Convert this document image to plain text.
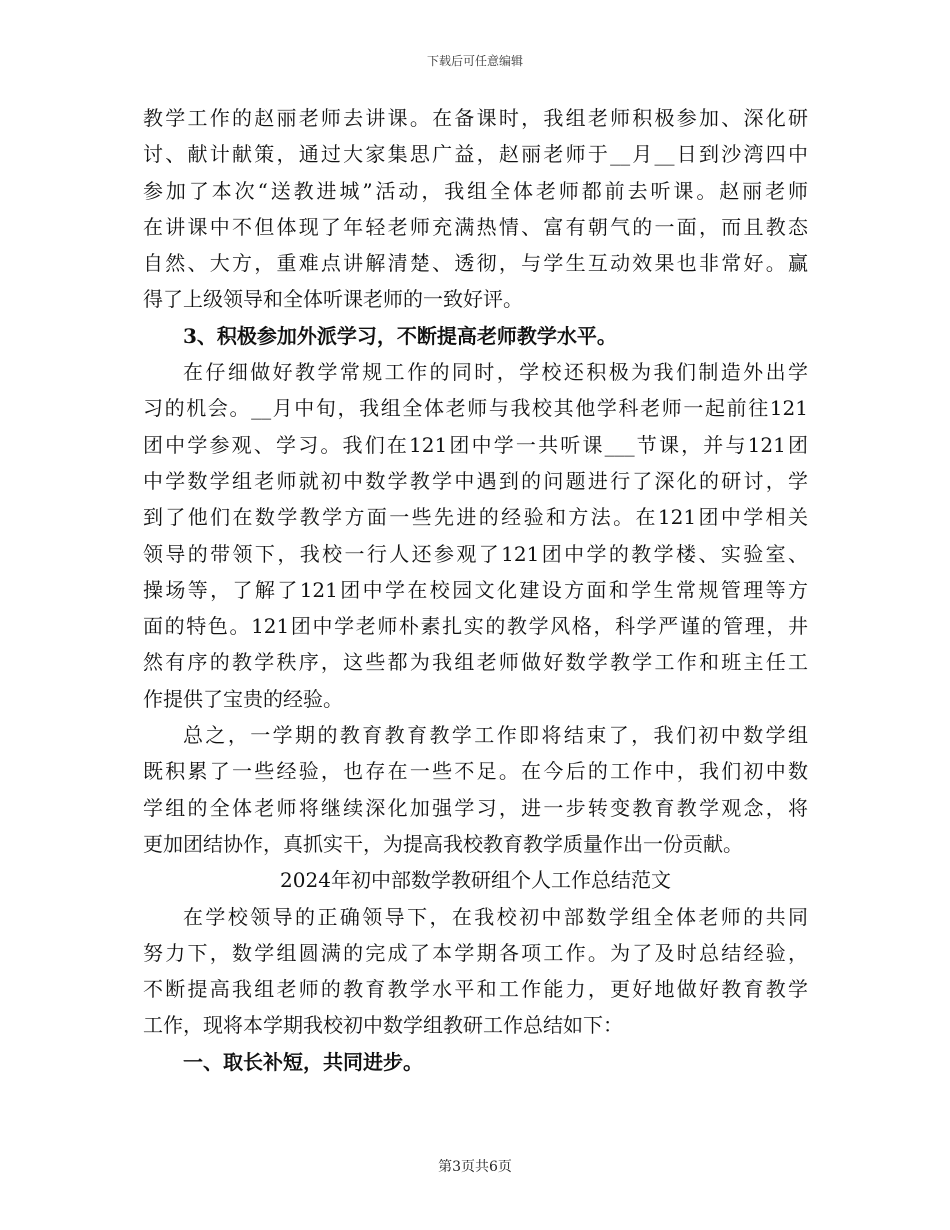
下载后可任意编辑
教学工作的赵丽老师去讲课。在备课时，我组老师积极参加、深化研
讨、献计献策，通过大家集思广益，赵丽老师于__月__日到沙湾四中
参加了本次“送教进城”活动，我组全体老师都前去听课。赵丽老师
在讲课中不但体现了年轻老师充满热情、富有朝气的一面，而且教态
自然、大方，重难点讲解清楚、透彻，与学生互动效果也非常好。赢
得了上级领导和全体听课老师的一致好评。
3、积极参加外派学习，不断提高老师教学水平。
在仔细做好教学常规工作的同时，学校还积极为我们制造外出学
习的机会。__月中旬，我组全体老师与我校其他学科老师一起前往121
团中学参观、学习。我们在121团中学一共听课___节课，并与121团
中学数学组老师就初中数学教学中遇到的问题进行了深化的研讨，学
到了他们在数学教学方面一些先进的经验和方法。在121团中学相关
领导的带领下，我校一行人还参观了121团中学的教学楼、实验室、
操场等，了解了121团中学在校园文化建设方面和学生常规管理等方
面的特色。121团中学老师朴素扎实的教学风格，科学严谨的管理，井
然有序的教学秩序，这些都为我组老师做好数学教学工作和班主任工
作提供了宝贵的经验。
总之，一学期的教育教育教学工作即将结束了，我们初中数学组
既积累了一些经验，也存在一些不足。在今后的工作中，我们初中数
学组的全体老师将继续深化加强学习，进一步转变教育教学观念，将
更加团结协作，真抓实干，为提高我校教育教学质量作出一份贡献。
2024年初中部数学教研组个人工作总结范文
在学校领导的正确领导下，在我校初中部数学组全体老师的共同
努力下，数学组圆满的完成了本学期各项工作。为了及时总结经验，
不断提高我组老师的教育教学水平和工作能力，更好地做好教育教学
工作，现将本学期我校初中数学组教研工作总结如下：
一、取长补短，共同进步。
第3页共6页
